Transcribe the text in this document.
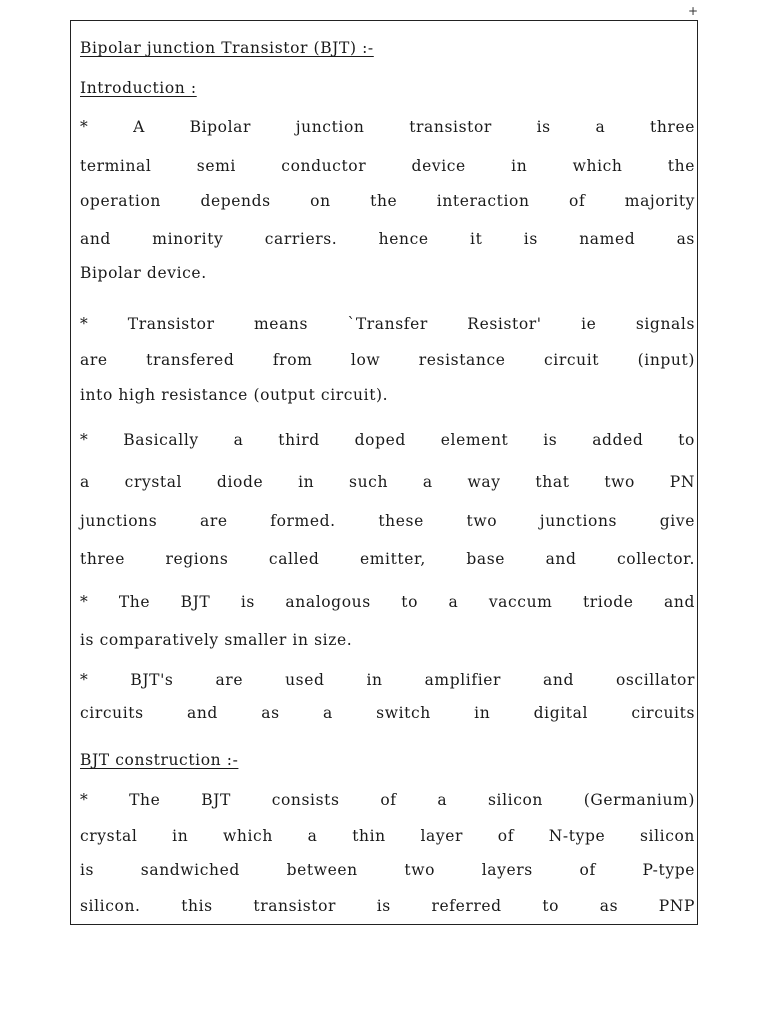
+
Bipolar junction Transistor (BJT) :-
Introduction :
* A Bipolar junction transistor is a three
terminal semi conductor device in which the
operation depends on the interaction of majority
and minority carriers. hence it is named as
Bipolar device.
* Transistor means `Transfer Resistor' ie signals
are transfered from low resistance circuit (input)
into high resistance (output circuit).
* Basically a third doped element is added to
a crystal diode in such a way that two PN
junctions are formed. these two junctions give
three regions called emitter, base and collector.
* The BJT is analogous to a vaccum triode and
is comparatively smaller in size.
* BJT's are used in amplifier and oscillator
circuits and as a switch in digital circuits
BJT construction :-
* The BJT consists of a silicon (Germanium)
crystal in which a thin layer of N-type silicon
is sandwiched between two layers of P-type
silicon. this transistor is referred to as PNP
